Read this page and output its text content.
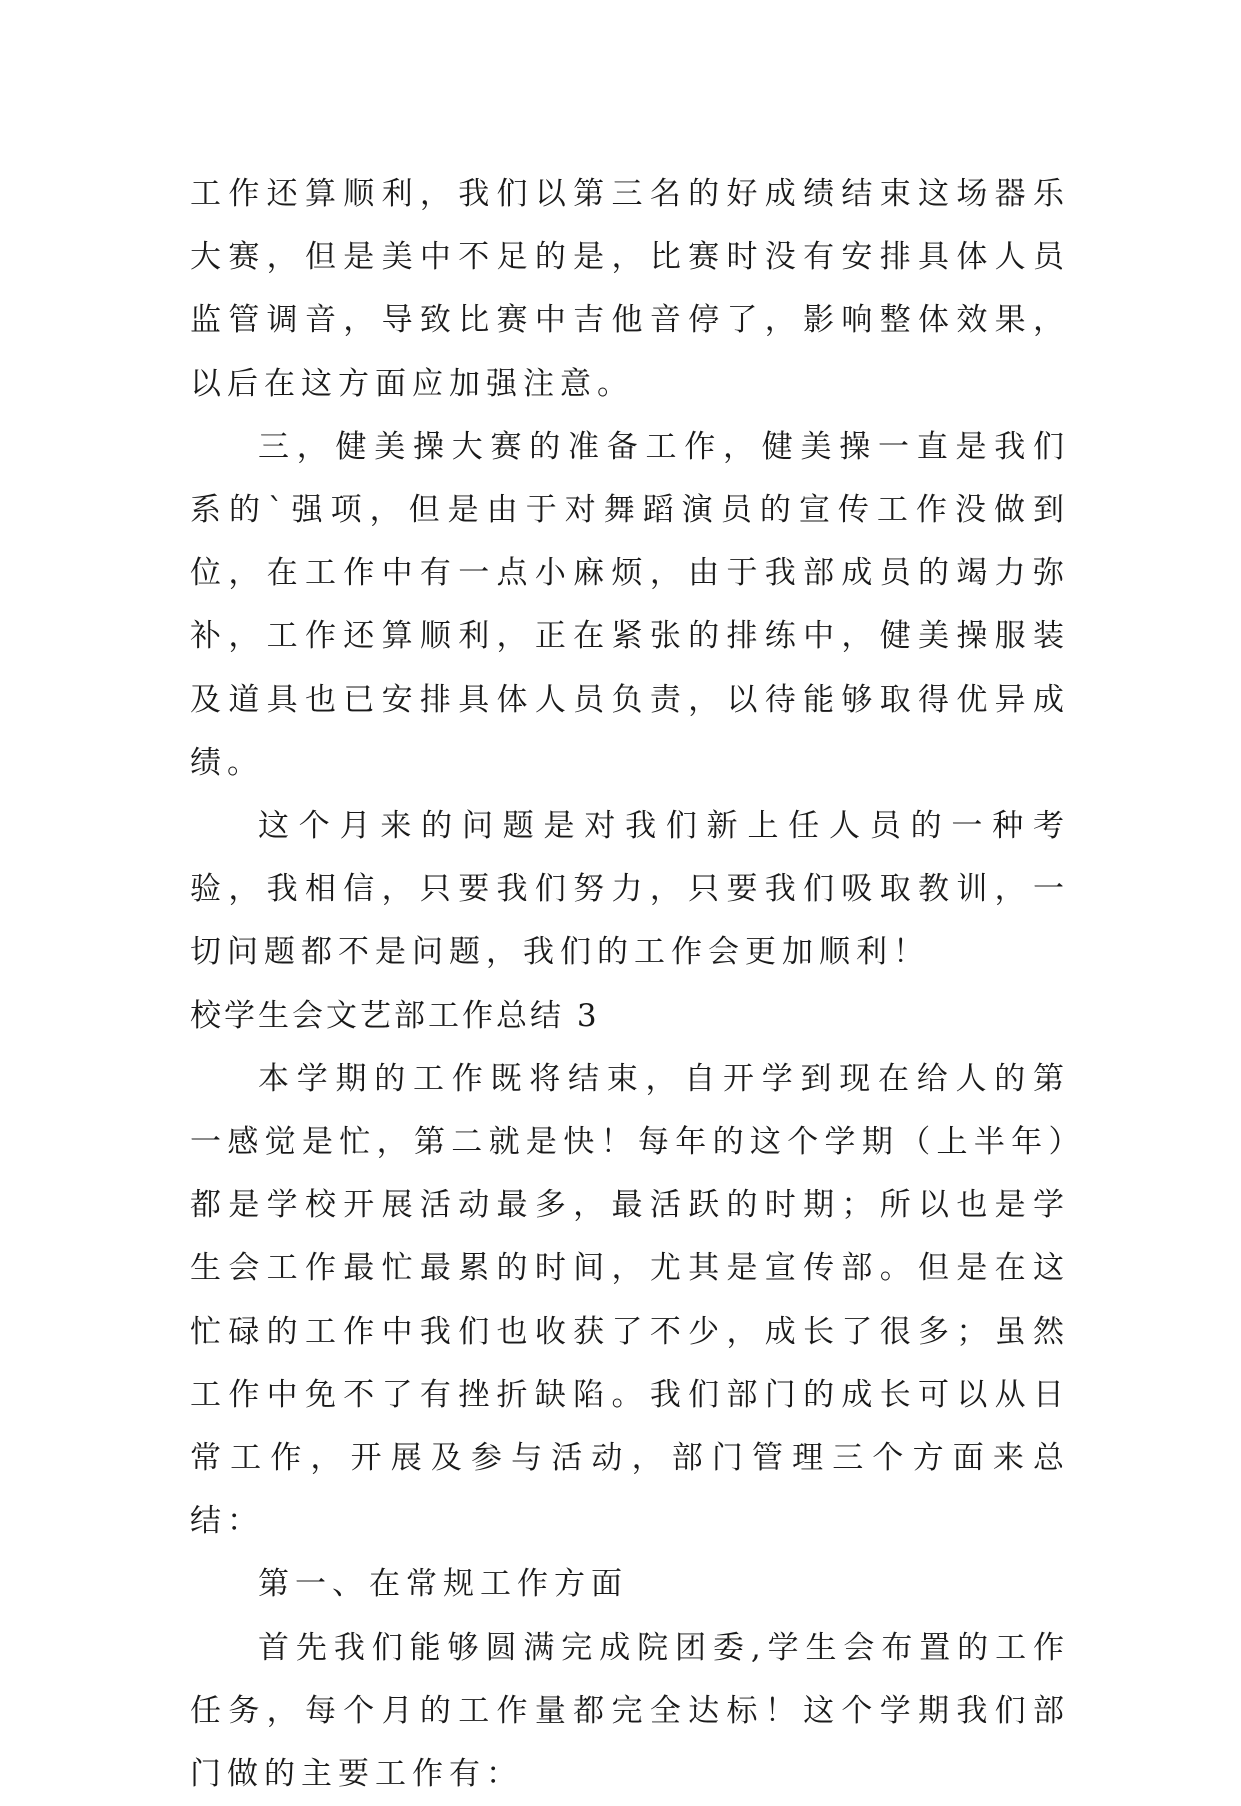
工作还算顺利，我们以第三名的好成绩结束这场器乐大赛，但是美中不足的是，比赛时没有安排具体人员监管调音，导致比赛中吉他音停了，影响整体效果，以后在这方面应加强注意。

三，健美操大赛的准备工作，健美操一直是我们系的`强项，但是由于对舞蹈演员的宣传工作没做到位，在工作中有一点小麻烦，由于我部成员的竭力弥补，工作还算顺利，正在紧张的排练中，健美操服装及道具也已安排具体人员负责，以待能够取得优异成绩。

这个月来的问题是对我们新上任人员的一种考验，我相信，只要我们努力，只要我们吸取教训，一切问题都不是问题，我们的工作会更加顺利！

校学生会文艺部工作总结 3

本学期的工作既将结束，自开学到现在给人的第一感觉是忙，第二就是快！每年的这个学期（上半年）都是学校开展活动最多，最活跃的时期；所以也是学生会工作最忙最累的时间，尤其是宣传部。但是在这忙碌的工作中我们也收获了不少，成长了很多；虽然工作中免不了有挫折缺陷。我们部门的成长可以从日常工作，开展及参与活动，部门管理三个方面来总结：

第一、在常规工作方面

首先我们能够圆满完成院团委,学生会布置的工作任务，每个月的工作量都完全达标！这个学期我们部门做的主要工作有：
